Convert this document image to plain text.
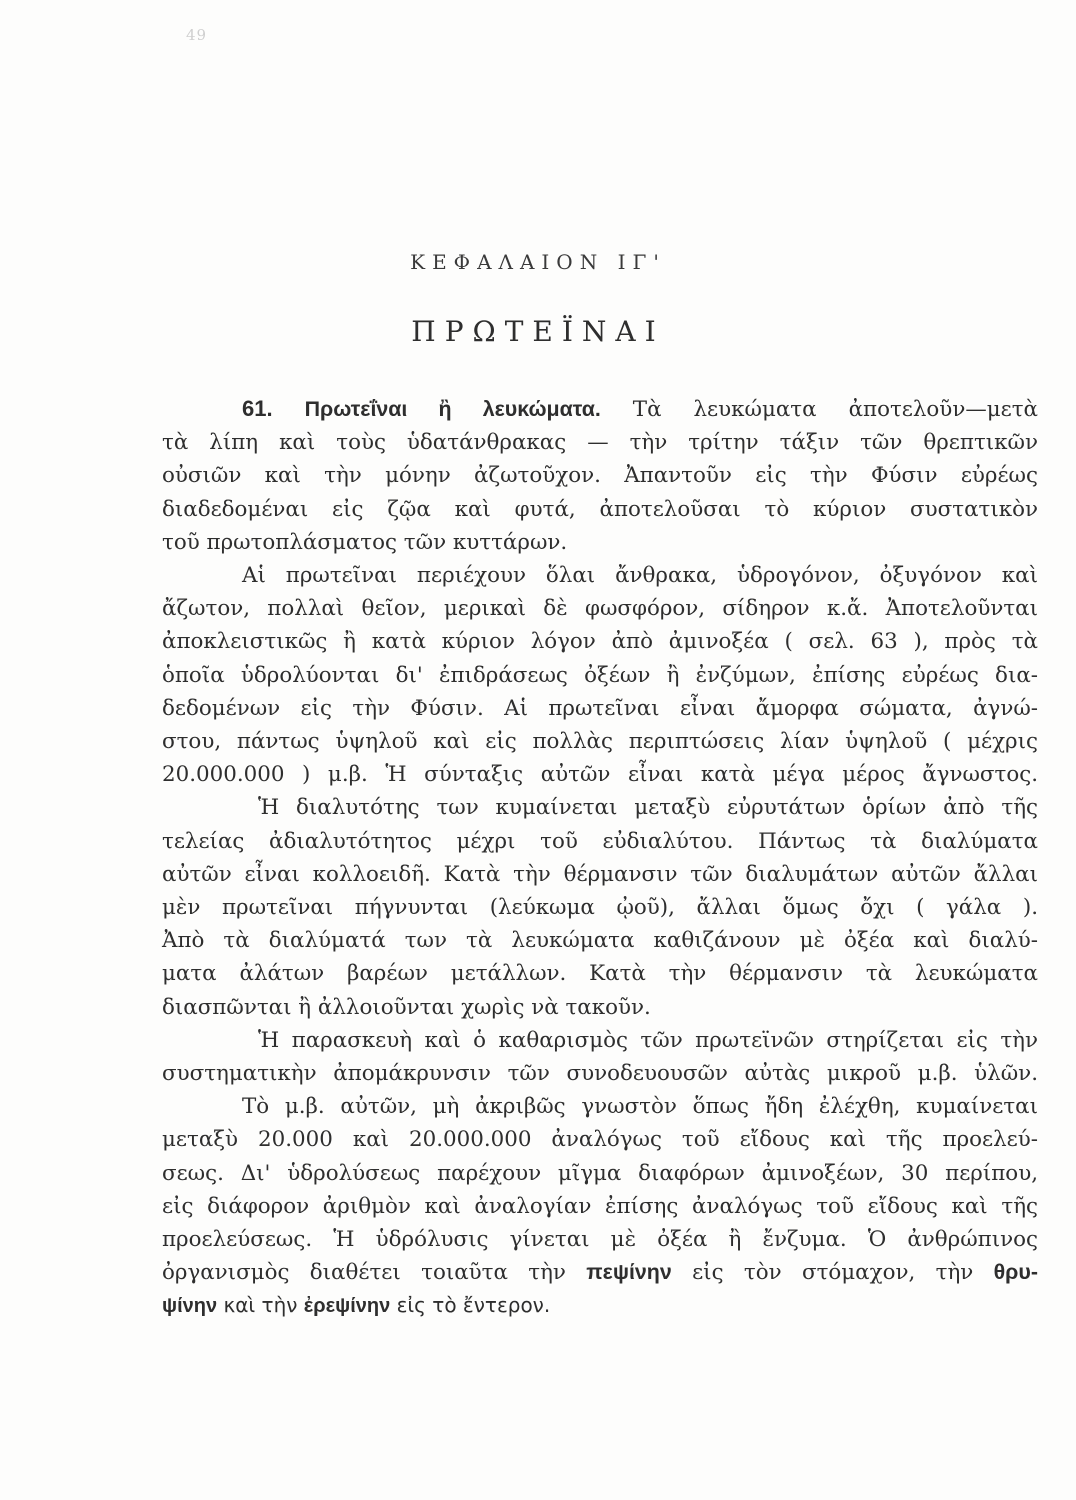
49
ΚΕΦΑΛΑΙΟΝ ΙΓ'
ΠΡΩΤΕΪΝΑΙ
61. Πρωτεΐναι ἢ λευκώματα. Τὰ λευκώματα ἀποτελοῦν—μετὰ
τὰ λίπη καὶ τοὺς ὑδατάνθρακας — τὴν τρίτην τάξιν τῶν θρεπτικῶν
οὐσιῶν καὶ τὴν μόνην ἀζωτοῦχον. Ἀπαντοῦν εἰς τὴν Φύσιν εὐρέως
διαδεδομέναι εἰς ζῷα καὶ φυτά, ἀποτελοῦσαι τὸ κύριον συστατικὸν
τοῦ πρωτοπλάσματος τῶν κυττάρων.
Αἱ πρωτεῖναι περιέχουν ὅλαι ἄνθρακα, ὑδρογόνον, ὀξυγόνον καὶ
ἄζωτον, πολλαὶ θεῖον, μερικαὶ δὲ φωσφόρον, σίδηρον κ.ἄ. Ἀποτελοῦνται
ἀποκλειστικῶς ἢ κατὰ κύριον λόγον ἀπὸ ἀμινοξέα ( σελ. 63 ), πρὸς τὰ
ὁποῖα ὑδρολύονται δι' ἐπιδράσεως ὀξέων ἢ ἐνζύμων, ἐπίσης εὐρέως δια-
δεδομένων εἰς τὴν Φύσιν. Αἱ πρωτεῖναι εἶναι ἄμορφα σώματα, ἀγνώ-
στου, πάντως ὑψηλοῦ καὶ εἰς πολλὰς περιπτώσεις λίαν ὑψηλοῦ ( μέχρις
20.000.000 ) μ.β. Ἡ σύνταξις αὐτῶν εἶναι κατὰ μέγα μέρος ἄγνωστος.
Ἡ διαλυτότης των κυμαίνεται μεταξὺ εὐρυτάτων ὁρίων ἀπὸ τῆς
τελείας ἀδιαλυτότητος μέχρι τοῦ εὐδιαλύτου. Πάντως τὰ διαλύματα
αὐτῶν εἶναι κολλοειδῆ. Κατὰ τὴν θέρμανσιν τῶν διαλυμάτων αὐτῶν ἄλλαι
μὲν πρωτεῖναι πήγνυνται (λεύκωμα ᾠοῦ), ἄλλαι ὅμως ὄχι ( γάλα ).
Ἀπὸ τὰ διαλύματά των τὰ λευκώματα καθιζάνουν μὲ ὀξέα καὶ διαλύ-
ματα ἀλάτων βαρέων μετάλλων. Κατὰ τὴν θέρμανσιν τὰ λευκώματα
διασπῶνται ἢ ἀλλοιοῦνται χωρὶς νὰ τακοῦν.
Ἡ παρασκευὴ καὶ ὁ καθαρισμὸς τῶν πρωτεϊνῶν στηρίζεται εἰς τὴν
συστηματικὴν ἀπομάκρυνσιν τῶν συνοδευουσῶν αὐτὰς μικροῦ μ.β. ὑλῶν.
Τὸ μ.β. αὐτῶν, μὴ ἀκριβῶς γνωστὸν ὅπως ἤδη ἐλέχθη, κυμαίνεται
μεταξὺ 20.000 καὶ 20.000.000 ἀναλόγως τοῦ εἴδους καὶ τῆς προελεύ-
σεως. Δι' ὑδρολύσεως παρέχουν μῖγμα διαφόρων ἀμινοξέων, 30 περίπου,
εἰς διάφορον ἀριθμὸν καὶ ἀναλογίαν ἐπίσης ἀναλόγως τοῦ εἴδους καὶ τῆς
προελεύσεως. Ἡ ὑδρόλυσις γίνεται μὲ ὀξέα ἢ ἔνζυμα. Ὁ ἀνθρώπινος
ὀργανισμὸς διαθέτει τοιαῦτα τὴν πεψίνην εἰς τὸν στόμαχον, τὴν θρυ-
ψίνην καὶ τὴν ἐρεψίνην εἰς τὸ ἔντερον.
